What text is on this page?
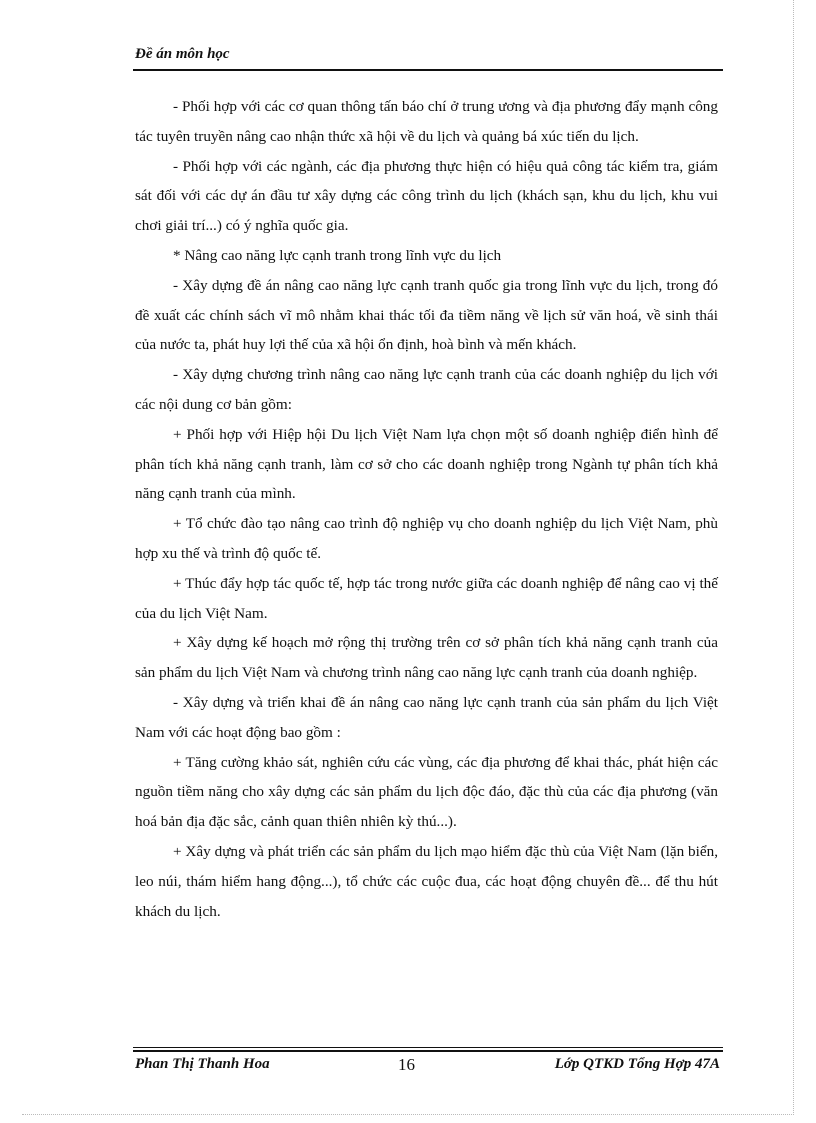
Đề án môn học

- Phối hợp với các cơ quan thông tấn báo chí ở trung ương và địa phương đẩy mạnh công tác tuyên truyền nâng cao nhận thức xã hội về du lịch và quảng bá xúc tiến du lịch.

- Phối hợp với các ngành, các địa phương thực hiện có hiệu quả công tác kiểm tra, giám sát đối với các dự án đầu tư xây dựng các công trình du lịch (khách sạn, khu du lịch, khu vui chơi giải trí...) có ý nghĩa quốc gia.

* Nâng cao năng lực cạnh tranh trong lĩnh vực du lịch

- Xây dựng đề án nâng cao năng lực cạnh tranh quốc gia trong lĩnh vực du lịch, trong đó đề xuất các chính sách vĩ mô nhằm khai thác tối đa tiềm năng về lịch sử văn hoá, về sinh thái của nước ta, phát huy lợi thế của xã hội ổn định, hoà bình và mến khách.

- Xây dựng chương trình nâng cao năng lực cạnh tranh của các doanh nghiệp du lịch với các nội dung cơ bản gồm:

+ Phối hợp với Hiệp hội Du lịch Việt Nam lựa chọn một số doanh nghiệp điển hình để phân tích khả năng cạnh tranh, làm cơ sở cho các doanh nghiệp trong Ngành tự phân tích khả năng cạnh tranh của mình.

+ Tổ chức đào tạo nâng cao trình độ nghiệp vụ cho doanh nghiệp du lịch Việt Nam, phù hợp xu thế và trình độ quốc tế.

+ Thúc đẩy hợp tác quốc tế, hợp tác trong nước giữa các doanh nghiệp để nâng cao vị thế của du lịch Việt Nam.

+ Xây dựng kế hoạch mở rộng thị trường trên cơ sở phân tích khả năng cạnh tranh của sản phẩm du lịch Việt Nam và chương trình nâng cao năng lực cạnh tranh của doanh nghiệp.

- Xây dựng và triển khai đề án nâng cao năng lực cạnh tranh của sản phẩm du lịch Việt Nam với các hoạt động bao gồm :

+ Tăng cường khảo sát, nghiên cứu các vùng, các địa phương để khai thác, phát hiện các nguồn tiềm năng cho xây dựng các sản phẩm du lịch độc đáo, đặc thù của các địa phương (văn hoá bản địa đặc sắc, cảnh quan thiên nhiên kỳ thú...).

+ Xây dựng và phát triển các sản phẩm du lịch mạo hiểm đặc thù của Việt Nam (lặn biển, leo núi, thám hiểm hang động...), tổ chức các cuộc đua, các hoạt động chuyên đề... để thu hút khách du lịch.

Phan Thị Thanh Hoa	16	Lớp QTKD Tổng Hợp 47A
